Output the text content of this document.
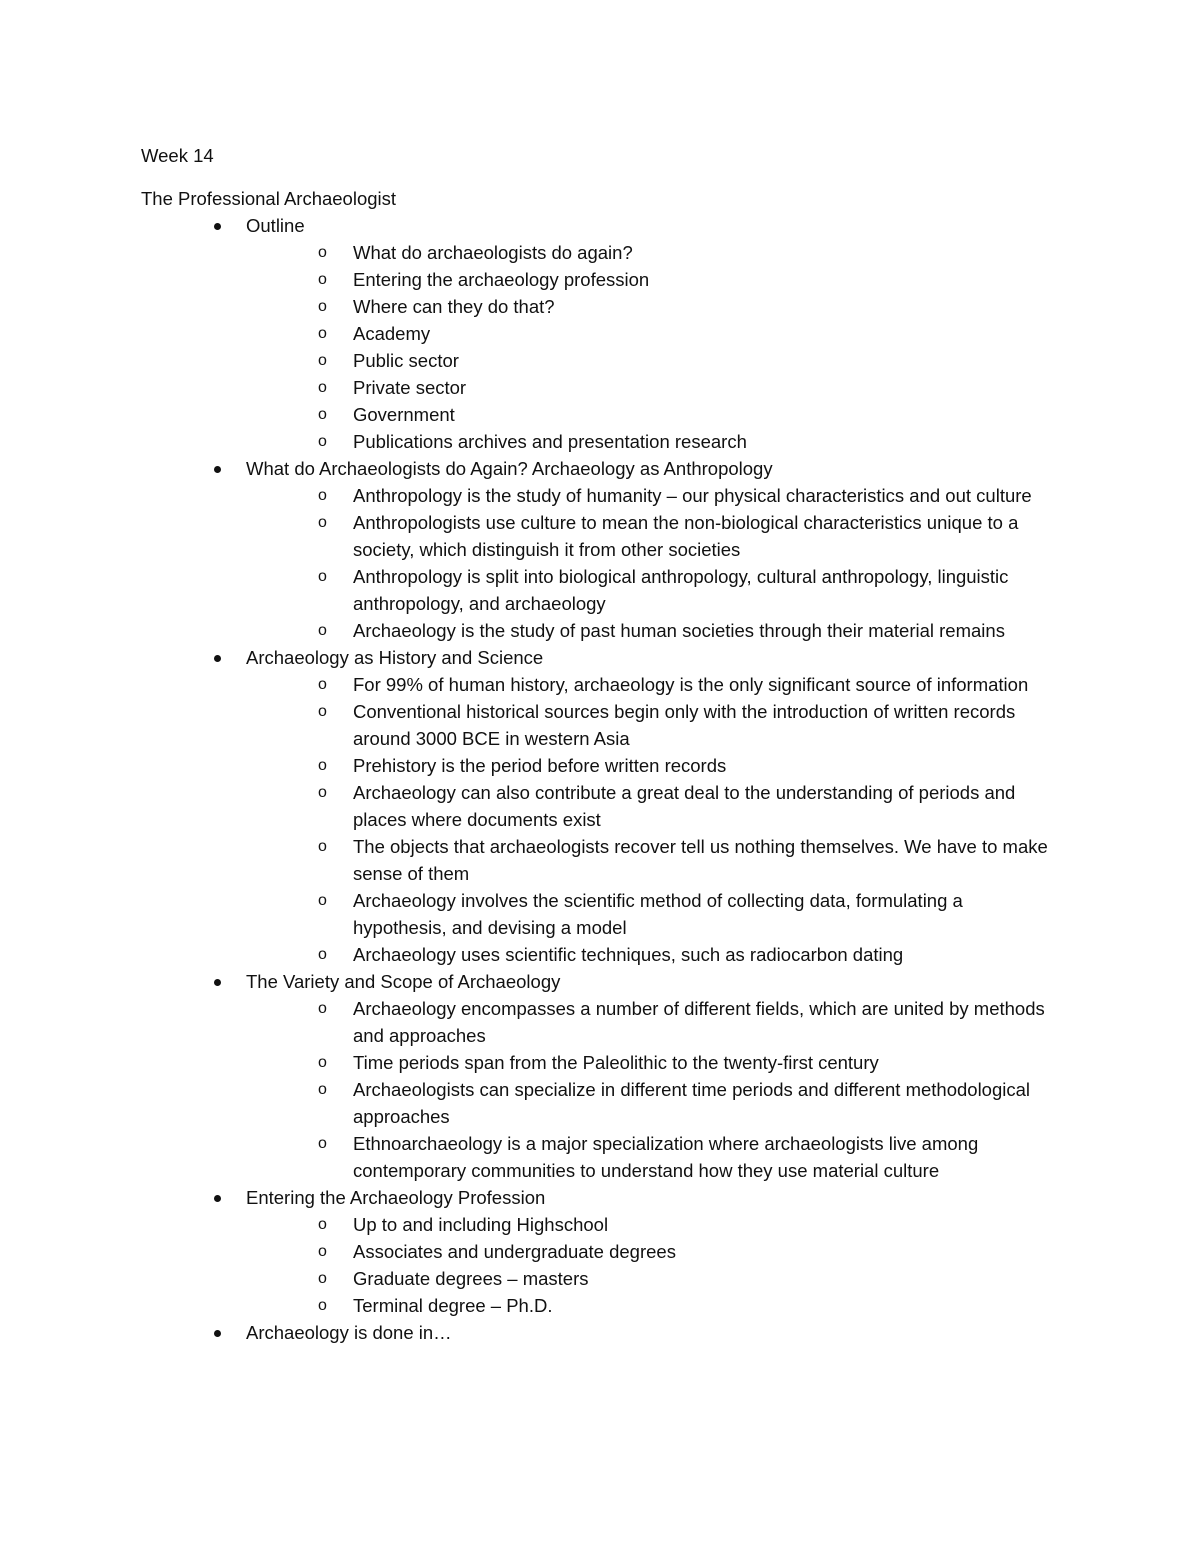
Week 14

The Professional Archaeologist

Outline
o What do archaeologists do again?
o Entering the archaeology profession
o Where can they do that?
o Academy
o Public sector
o Private sector
o Government
o Publications archives and presentation research
What do Archaeologists do Again? Archaeology as Anthropology
o Anthropology is the study of humanity – our physical characteristics and out culture
o Anthropologists use culture to mean the non-biological characteristics unique to a society, which distinguish it from other societies
o Anthropology is split into biological anthropology, cultural anthropology, linguistic anthropology, and archaeology
o Archaeology is the study of past human societies through their material remains
Archaeology as History and Science
o For 99% of human history, archaeology is the only significant source of information
o Conventional historical sources begin only with the introduction of written records around 3000 BCE in western Asia
o Prehistory is the period before written records
o Archaeology can also contribute a great deal to the understanding of periods and places where documents exist
o The objects that archaeologists recover tell us nothing themselves. We have to make sense of them
o Archaeology involves the scientific method of collecting data, formulating a hypothesis, and devising a model
o Archaeology uses scientific techniques, such as radiocarbon dating
The Variety and Scope of Archaeology
o Archaeology encompasses a number of different fields, which are united by methods and approaches
o Time periods span from the Paleolithic to the twenty-first century
o Archaeologists can specialize in different time periods and different methodological approaches
o Ethnoarchaeology is a major specialization where archaeologists live among contemporary communities to understand how they use material culture
Entering the Archaeology Profession
o Up to and including Highschool
o Associates and undergraduate degrees
o Graduate degrees – masters
o Terminal degree – Ph.D.
Archaeology is done in…
